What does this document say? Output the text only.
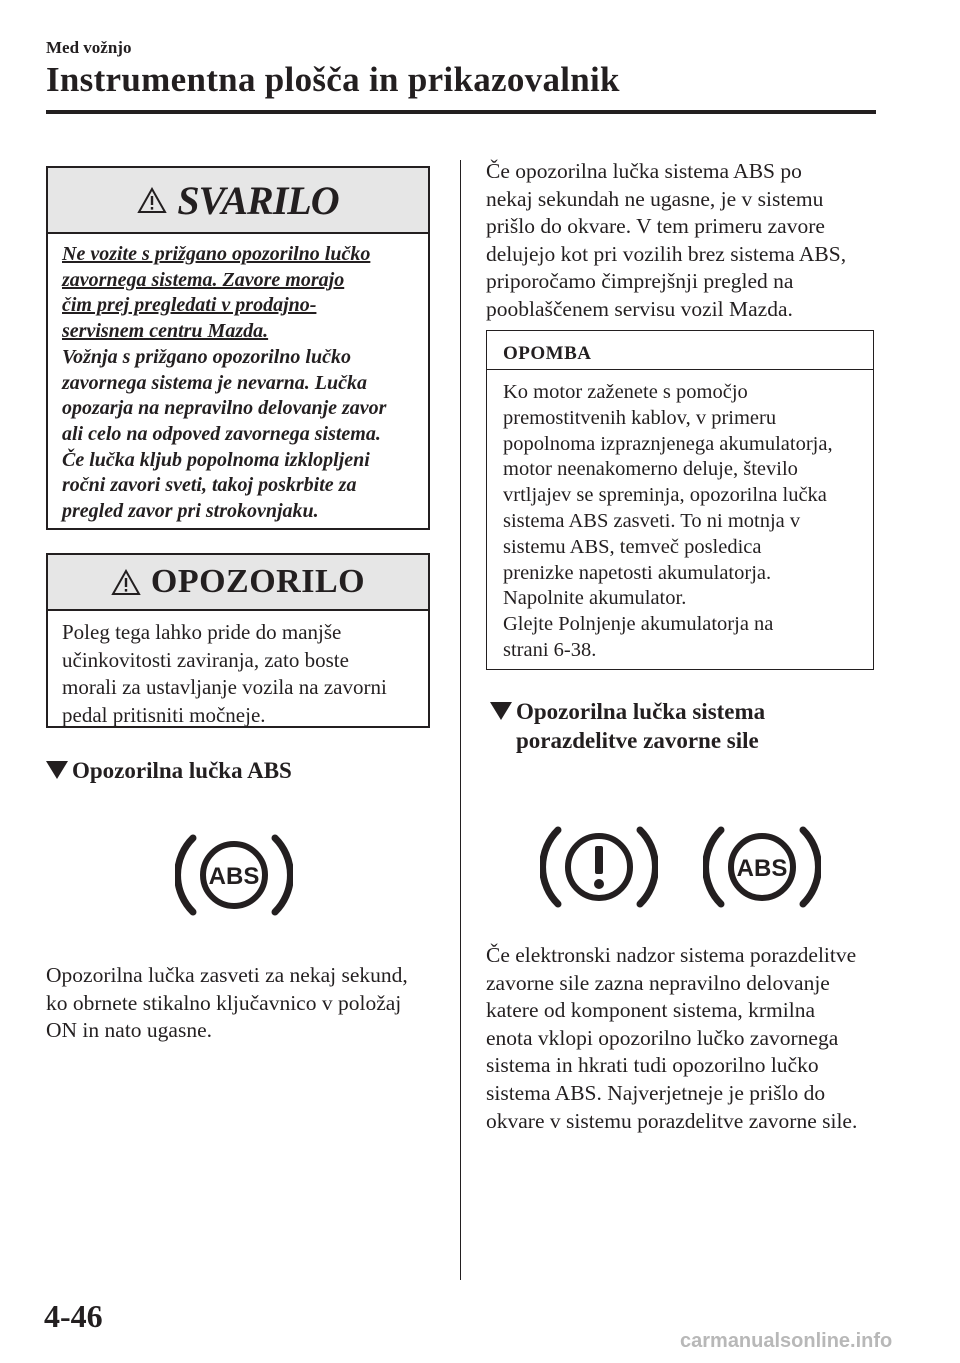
Med vožnjo
Instrumentna plošča in prikazovalnik
SVARILO
Ne vozite s prižgano opozorilno lučko
zavornega sistema. Zavore morajo
čim prej pregledati v prodajno-
servisnem centru Mazda.
Vožnja s prižgano opozorilno lučko
zavornega sistema je nevarna. Lučka
opozarja na nepravilno delovanje zavor
ali celo na odpoved zavornega sistema.
Če lučka kljub popolnoma izklopljeni
ročni zavori sveti, takoj poskrbite za
pregled zavor pri strokovnjaku.
OPOZORILO
Poleg tega lahko pride do manjše
učinkovitosti zaviranja, zato boste
morali za ustavljanje vozila na zavorni
pedal pritisniti močneje.
Opozorilna lučka ABS
ABS
Opozorilna lučka zasveti za nekaj sekund,
ko obrnete stikalno ključavnico v položaj
ON in nato ugasne.
Če opozorilna lučka sistema ABS po
nekaj sekundah ne ugasne, je v sistemu
prišlo do okvare. V tem primeru zavore
delujejo kot pri vozilih brez sistema ABS,
priporočamo čimprejšnji pregled na
pooblaščenem servisu vozil Mazda.
OPOMBA
Ko motor zaženete s pomočjo
premostitvenih kablov, v primeru
popolnoma izpraznjenega akumulatorja,
motor neenakomerno deluje, število
vrtljajev se spreminja, opozorilna lučka
sistema ABS zasveti. To ni motnja v
sistemu ABS, temveč posledica
prenizke napetosti akumulatorja.
Napolnite akumulator.
Glejte Polnjenje akumulatorja na
strani 6-38.
Opozorilna lučka sistema
porazdelitve zavorne sile
ABS
Če elektronski nadzor sistema porazdelitve
zavorne sile zazna nepravilno delovanje
katere od komponent sistema, krmilna
enota vklopi opozorilno lučko zavornega
sistema in hkrati tudi opozorilno lučko
sistema ABS. Najverjetneje je prišlo do
okvare v sistemu porazdelitve zavorne sile.
4-46
carmanualsonline.info
